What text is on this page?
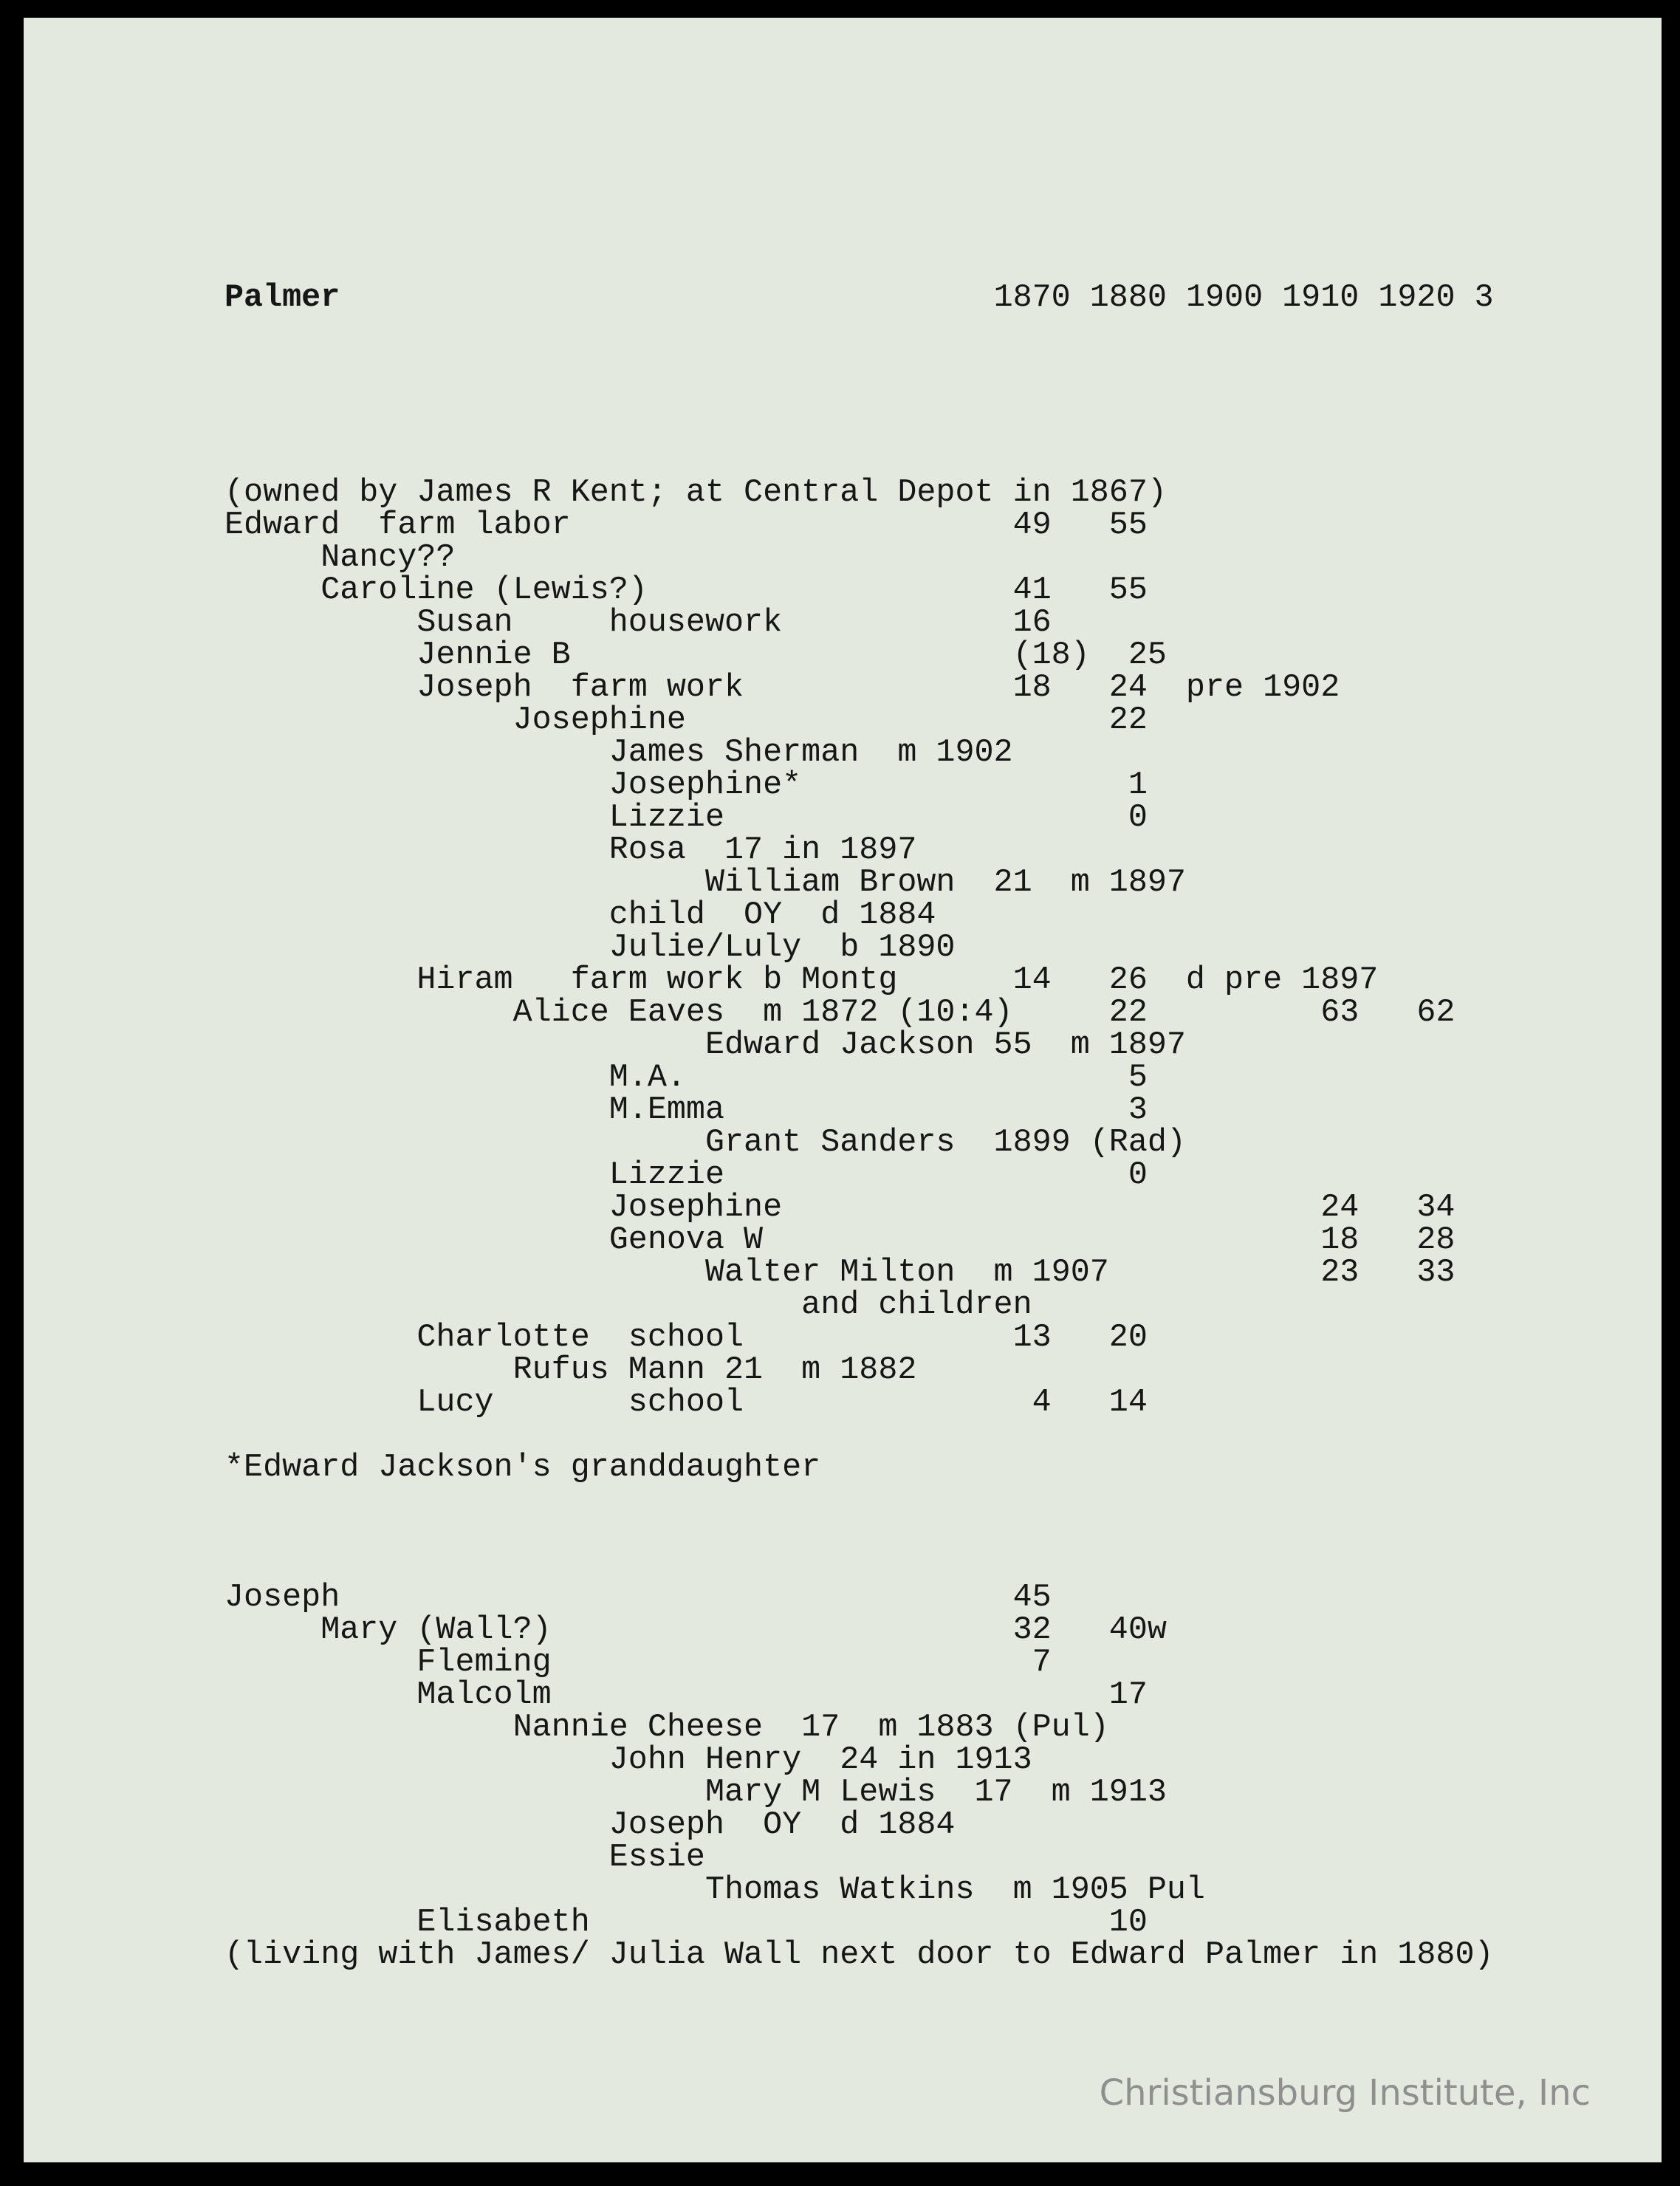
Palmer	1870 1880 1900 1910 1920 3

(owned by James R Kent; at Central Depot in 1867)
Edward  farm labor                       49   55
Nancy??
Caroline (Lewis?)                   41   55
Susan     housework            16
Jennie B                       (18)  25
Joseph  farm work              18   24  pre 1902
Josephine                      22
James Sherman  m 1902
Josephine*                 1
Lizzie                     0
Rosa  17 in 1897
William Brown  21  m 1897
child  OY  d 1884
Julie/Luly  b 1890
Hiram   farm work b Montg      14   26  d pre 1897
Alice Eaves  m 1872 (10:4)     22         63   62
Edward Jackson 55  m 1897
M.A.                       5
M.Emma                     3
Grant Sanders  1899 (Rad)
Lizzie                     0
Josephine                            24   34
Genova W                             18   28
Walter Milton  m 1907           23   33
and children
Charlotte  school              13   20
Rufus Mann 21  m 1882
Lucy       school               4   14
*Edward Jackson's granddaughter
Joseph                                   45
Mary (Wall?)                        32   40w
Fleming                         7
Malcolm                             17
Nannie Cheese  17  m 1883 (Pul)
John Henry  24 in 1913
Mary M Lewis  17  m 1913
Joseph  OY  d 1884
Essie
Thomas Watkins  m 1905 Pul
Elisabeth                           10
(living with James/ Julia Wall next door to Edward Palmer in 1880)

Christiansburg Institute, Inc
